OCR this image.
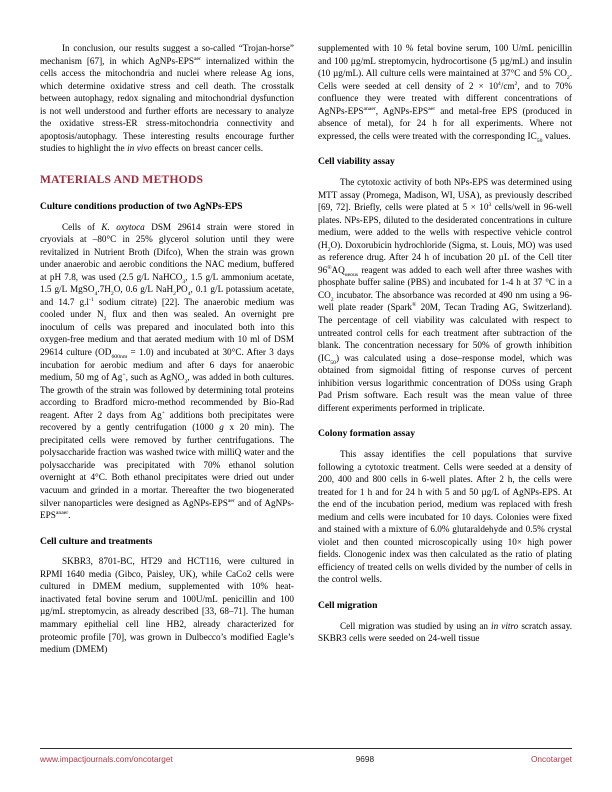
In conclusion, our results suggest a so-called “Trojan-horse” mechanism [67], in which AgNPs-$EPS^{aer}$ internalized within the cells access the mitochondria and nuclei where release Ag ions, which determine oxidative stress and cell death. The crosstalk between autophagy, redox signaling and mitochondrial dysfunction is not well understood and further efforts are necessary to analyze the oxidative stress-ER stress-mitochondria connectivity and apoptosis/autophagy. These interesting results encourage further studies to highlight the in vivo effects on breast cancer cells.

MATERIALS AND METHODS
Culture conditions production of two AgNPs-EPS

Cells of K. oxytoca DSM 29614 strain were stored in cryovials at –80°C in 25% glycerol solution until they were revitalized in Nutrient Broth (Difco), When the strain was grown under anaerobic and aerobic conditions the NAC medium, buffered at pH 7.8, was used (2.5 g/L NaHCO$_3$, 1.5 g/L ammonium acetate, 1.5 g/L $MgSO_4.7H_2O$, 0.6 g/L $NaH_2PO_4$, 0.1 g/L potassium acetate, and 14.7 $g.l^{-1}$ sodium citrate) [22]. The anaerobic medium was cooled under $N_2$ flux and then was sealed. An overnight pre inoculum of cells was prepared and inoculated both into this oxygen-free medium and that aerated medium with 10 ml of DSM 29614 culture $(OD_{600nm} = 1.0)$ and incubated at 30°C. After 3 days incubation for aerobic medium and after 6 days for anaerobic medium, 50 mg of Ag+, such as AgNO$_3$, was added in both cultures. The growth of the strain was followed by determining total proteins according to Bradford micro-method recommended by Bio-Rad reagent. After 2 days from Ag+ additions both precipitates were recovered by a gently centrifugation (1000 g x 20 min). The precipitated cells were removed by further centrifugations. The polysaccharide fraction was washed twice with milliQ water and the polysaccharide was precipitated with 70% ethanol solution overnight at 4°C. Both ethanol precipitates were dried out under vacuum and grinded in a mortar. Thereafter the two biogenerated silver nanoparticles were designed as AgNPs-$EPS^{aer}$ and of AgNPs-$EPS^{anaer}$.

Cell culture and treatments

SKBR3, 8701-BC, HT29 and HCT116, were cultured in RPMI 1640 media (Gibco, Paisley, UK), while CaCo2 cells were cultured in DMEM medium, supplemented with 10% heat-inactivated fetal bovine serum and 100U/mL penicillin and 100 µg/mL streptomycin, as already described [33, 68–71]. The human mammary epithelial cell line HB2, already characterized for proteomic profile [70], was grown in Dulbecco’s modified Eagle’s medium (DMEM)

supplemented with 10 % fetal bovine serum, 100 U/mL penicillin and 100 µg/mL streptomycin, hydrocortisone (5 µg/mL) and insulin (10 µg/mL). All culture cells were maintained at 37°C and 5% $CO_2$. Cells were seeded at cell density of $2 \times 10^4/cm^2$, and to 70% confluence they were treated with different concentrations of AgNPs-$EPS^{anaer}$, AgNPs-$EPS^{aer}$ and metal-free EPS (produced in absence of metal), for 24 h for all experiments. Where not expressed, the cells were treated with the corresponding $IC_{50}$ values.

Cell viability assay

The cytotoxic activity of both NPs-EPS was determined using MTT assay (Promega, Madison, WI, USA), as previously described [69, 72]. Briefly, cells were plated at $5 \times 10^3$ cells/well in 96-well plates. NPs-EPS, diluted to the desiderated concentrations in culture medium, were added to the wells with respective vehicle control $(H_2O)$. Doxorubicin hydrochloride (Sigma, st. Louis, MO) was used as reference drug. After 24 h of incubation 20 µL of the Cell titer $96®AQ_{ueous}$ reagent was added to each well after three washes with phosphate buffer saline (PBS) and incubated for 1-4 h at 37 °C in a $CO_2$ incubator. The absorbance was recorded at 490 nm using a 96-well plate reader (Spark® 20M, Tecan Trading AG, Switzerland). The percentage of cell viability was calculated with respect to untreated control cells for each treatment after subtraction of the blank. The concentration necessary for 50% of growth inhibition $(IC_{50})$ was calculated using a dose–response model, which was obtained from sigmoidal fitting of response curves of percent inhibition versus logarithmic concentration of DOSs using Graph Pad Prism software. Each result was the mean value of three different experiments performed in triplicate.

Colony formation assay

This assay identifies the cell populations that survive following a cytotoxic treatment. Cells were seeded at a density of 200, 400 and 800 cells in 6-well plates. After 2 h, the cells were treated for 1 h and for 24 h with 5 and 50 µg/L of AgNPs-EPS. At the end of the incubation period, medium was replaced with fresh medium and cells were incubated for 10 days. Colonies were fixed and stained with a mixture of 6.0% glutaraldehyde and 0.5% crystal violet and then counted microscopically using 10× high power fields. Clonogenic index was then calculated as the ratio of plating efficiency of treated cells on wells divided by the number of cells in the control wells.

Cell migration

Cell migration was studied by using an in vitro scratch assay. SKBR3 cells were seeded on 24-well tissue

www.impactjournals.com/oncotarget	9698	Oncotarget
